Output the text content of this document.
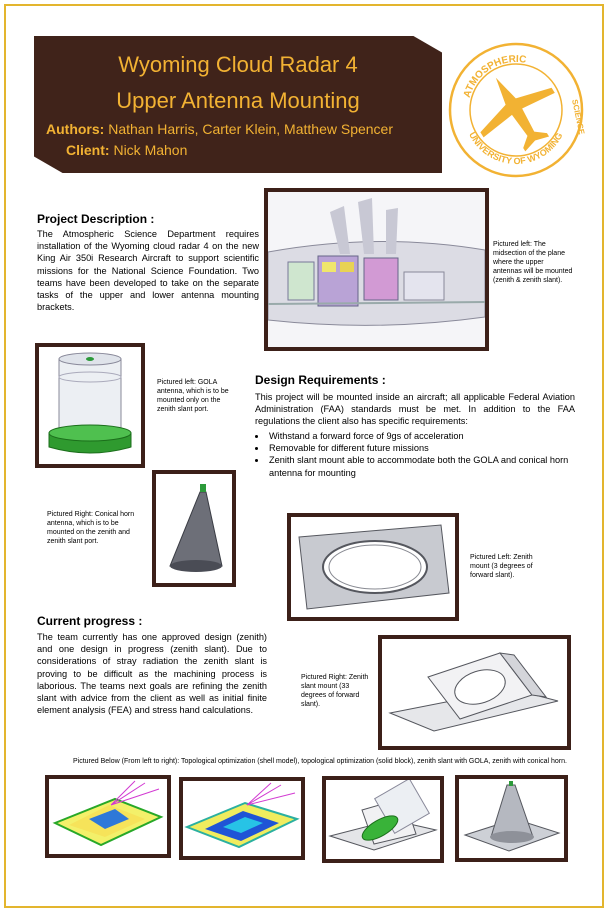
Wyoming Cloud Radar 4
Upper Antenna Mounting
Authors: Nathan Harris, Carter Klein, Matthew Spencer
Client: Nick Mahon
ATMOSPHERIC
UNIVERSITY OF WYOMING
SCIENCE
Project Description :
The Atmospheric Science Department requires installation of the Wyoming cloud radar 4 on the new King Air 350i Research Aircraft to support scientific missions for the National Science Foundation. Two teams have been developed to take on the separate tasks of the upper and lower antenna mounting brackets.
Pictured left: The midsection of the plane where the upper antennas will be mounted (zenith & zenith slant).
Pictured left: GOLA antenna, which is to be mounted only on the zenith slant port.
Design Requirements :
This project will be mounted inside an aircraft; all applicable Federal Aviation Administration (FAA) standards must be met. In addition to the FAA regulations the client also has specific requirements:
• Withstand a forward force of 9gs of acceleration
• Removable for different future missions
• Zenith slant mount able to accommodate both the GOLA and conical horn antenna for mounting
Pictured Right: Conical horn antenna, which is to be mounted on the zenith and zenith slant port.
Pictured Left: Zenith mount (3 degrees of forward slant).
Current progress :
The team currently has one approved design (zenith) and one design in progress (zenith slant). Due to considerations of stray radiation the zenith slant is proving to be difficult as the machining process is laborious. The teams next goals are refining the zenith slant with advice from the client as well as initial finite element analysis (FEA) and stress hand calculations.
Pictured Right: Zenith slant mount (33 degrees of forward slant).
Pictured Below (From left to right): Topological optimization (shell model), topological optimization (solid block), zenith slant with GOLA, zenith with conical horn.
